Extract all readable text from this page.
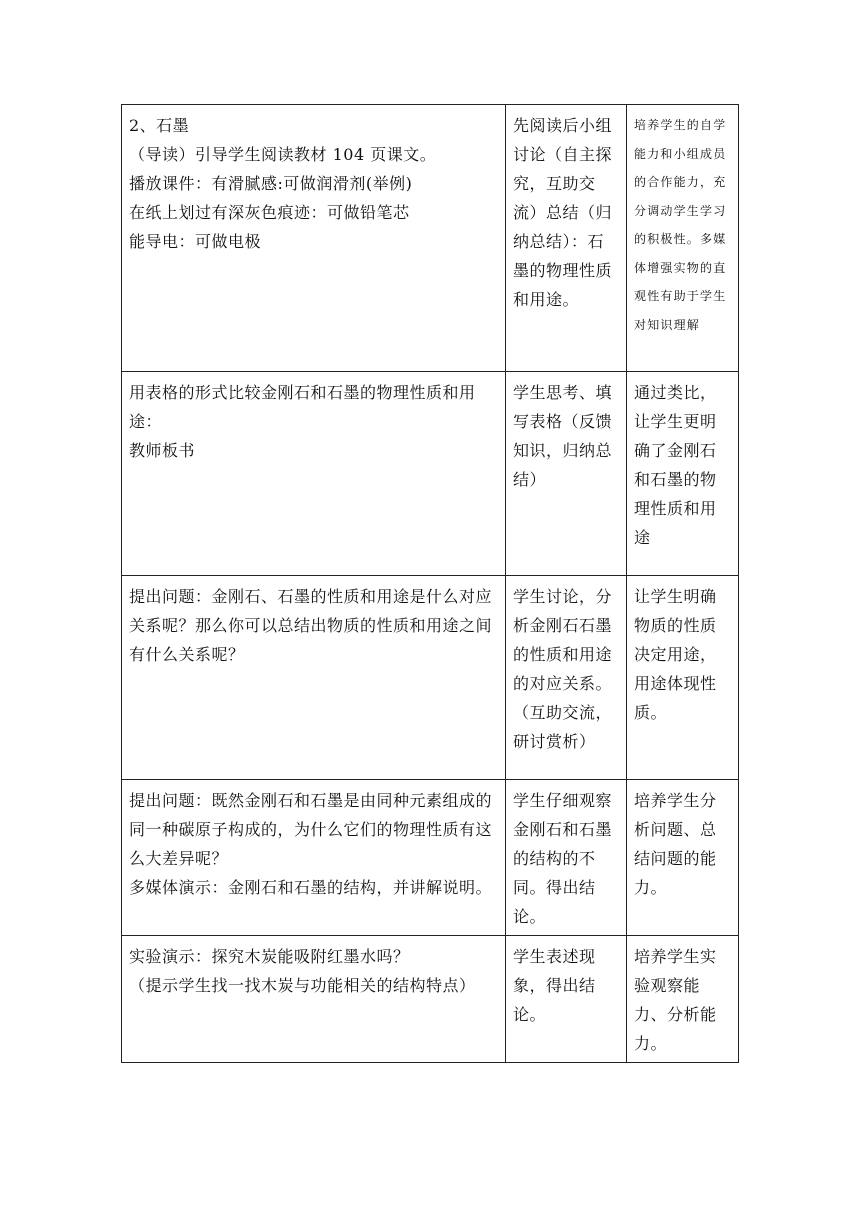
2、石墨
（导读）引导学生阅读教材 104 页课文。
播放课件：有滑腻感:可做润滑剂(举例)
在纸上划过有深灰色痕迹：可做铅笔芯
能导电：可做电极	先阅读后小组讨论（自主探究，互助交流）总结（归纳总结）：石墨的物理性质和用途。	培养学生的自学能力和小组成员的合作能力，充分调动学生学习的积极性。多媒体增强实物的直观性有助于学生对知识理解

用表格的形式比较金刚石和石墨的物理性质和用途：
教师板书	学生思考、填写表格（反馈知识，归纳总结）	通过类比，让学生更明确了金刚石和石墨的物理性质和用途

提出问题：金刚石、石墨的性质和用途是什么对应关系呢？那么你可以总结出物质的性质和用途之间有什么关系呢？	学生讨论，分析金刚石石墨的性质和用途的对应关系。（互助交流，研讨赏析）	让学生明确物质的性质决定用途，用途体现性质。

提出问题：既然金刚石和石墨是由同种元素组成的同一种碳原子构成的，为什么它们的物理性质有这么大差异呢？
多媒体演示：金刚石和石墨的结构，并讲解说明。	学生仔细观察金刚石和石墨的结构的不同。得出结论。	培养学生分析问题、总结问题的能力。

实验演示：探究木炭能吸附红墨水吗？
（提示学生找一找木炭与功能相关的结构特点）	学生表述现象，得出结论。	培养学生实验观察能力、分析能力。
